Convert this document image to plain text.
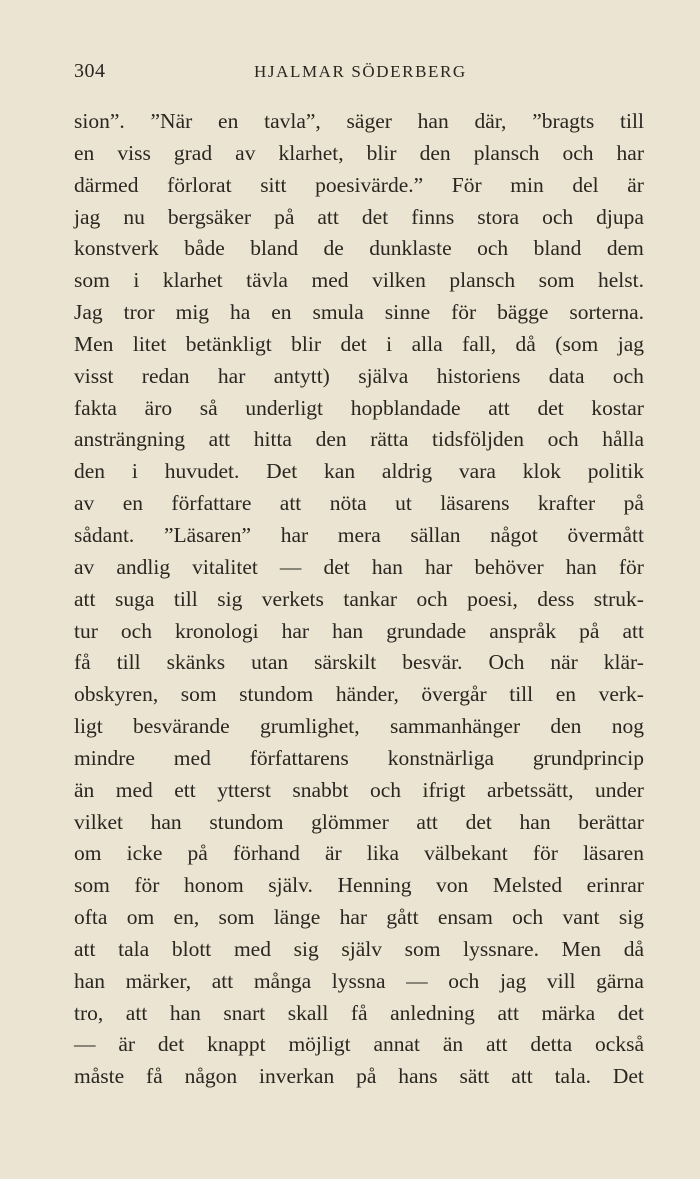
304	HJALMAR SÖDERBERG
sion”. ”När en tavla”, säger han där, ”bragts till
en viss grad av klarhet, blir den plansch och har
därmed förlorat sitt poesivärde.” För min del är
jag nu bergsäker på att det finns stora och djupa
konstverk både bland de dunklaste och bland dem
som i klarhet tävla med vilken plansch som helst.
Jag tror mig ha en smula sinne för bägge sorterna.
Men litet betänkligt blir det i alla fall, då (som jag
visst redan har antytt) själva historiens data och
fakta äro så underligt hopblandade att det kostar
ansträngning att hitta den rätta tidsföljden och hålla
den i huvudet. Det kan aldrig vara klok politik
av en författare att nöta ut läsarens krafter på
sådant. ”Läsaren” har mera sällan något övermått
av andlig vitalitet — det han har behöver han för
att suga till sig verkets tankar och poesi, dess struk-
tur och kronologi har han grundade anspråk på att
få till skänks utan särskilt besvär. Och när klär-
obskyren, som stundom händer, övergår till en verk-
ligt besvärande grumlighet, sammanhänger den nog
mindre med författarens konstnärliga grundprincip
än med ett ytterst snabbt och ifrigt arbetssätt, under
vilket han stundom glömmer att det han berättar
om icke på förhand är lika välbekant för läsaren
som för honom själv. Henning von Melsted erinrar
ofta om en, som länge har gått ensam och vant sig
att tala blott med sig själv som lyssnare. Men då
han märker, att många lyssna — och jag vill gärna
tro, att han snart skall få anledning att märka det
— är det knappt möjligt annat än att detta också
måste få någon inverkan på hans sätt att tala. Det
